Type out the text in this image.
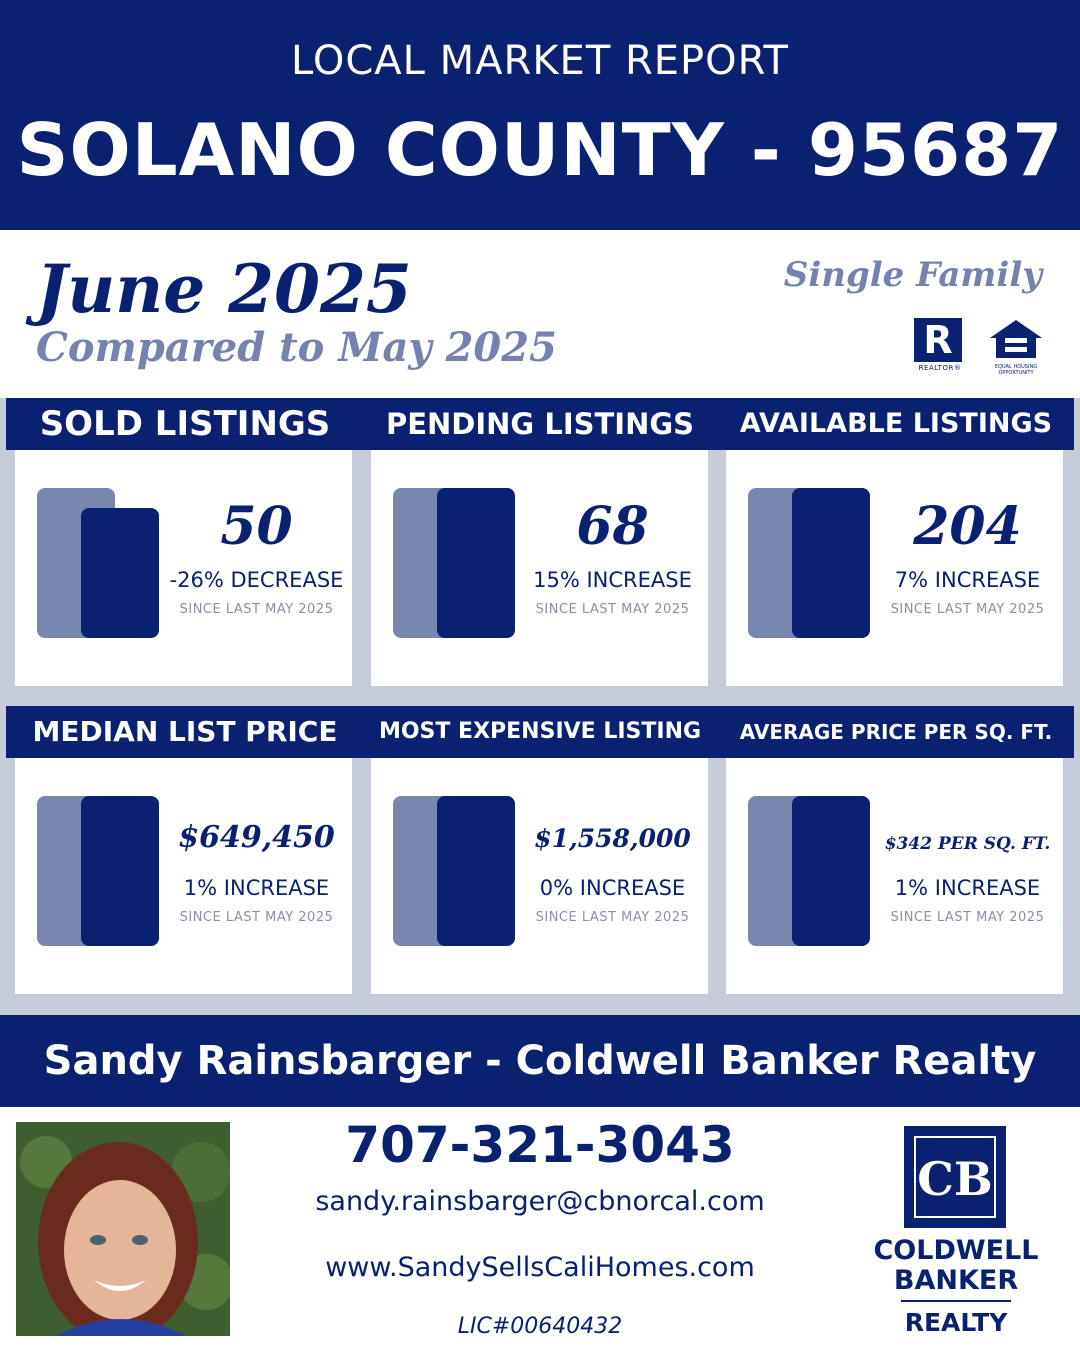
LOCAL MARKET REPORT
SOLANO COUNTY - 95687
June 2025
Compared to May 2025
Single Family
R
REALTOR®	EQUAL HOUSING
OPPORTUNITY
SOLD LISTINGS	PENDING LISTINGS	AVAILABLE LISTINGS
50
-26% DECREASE
SINCE LAST MAY 2025
68
15% INCREASE
SINCE LAST MAY 2025
204
7% INCREASE
SINCE LAST MAY 2025
MEDIAN LIST PRICE	MOST EXPENSIVE LISTING	AVERAGE PRICE PER SQ. FT.
$649,450
1% INCREASE
SINCE LAST MAY 2025
$1,558,000
0% INCREASE
SINCE LAST MAY 2025
$342 PER SQ. FT.
1% INCREASE
SINCE LAST MAY 2025
Sandy Rainsbarger - Coldwell Banker Realty
707-321-3043
sandy.rainsbarger@cbnorcal.com
www.SandySellsCaliHomes.com
LIC#00640432
CB
COLDWELL
BANKER
REALTY
